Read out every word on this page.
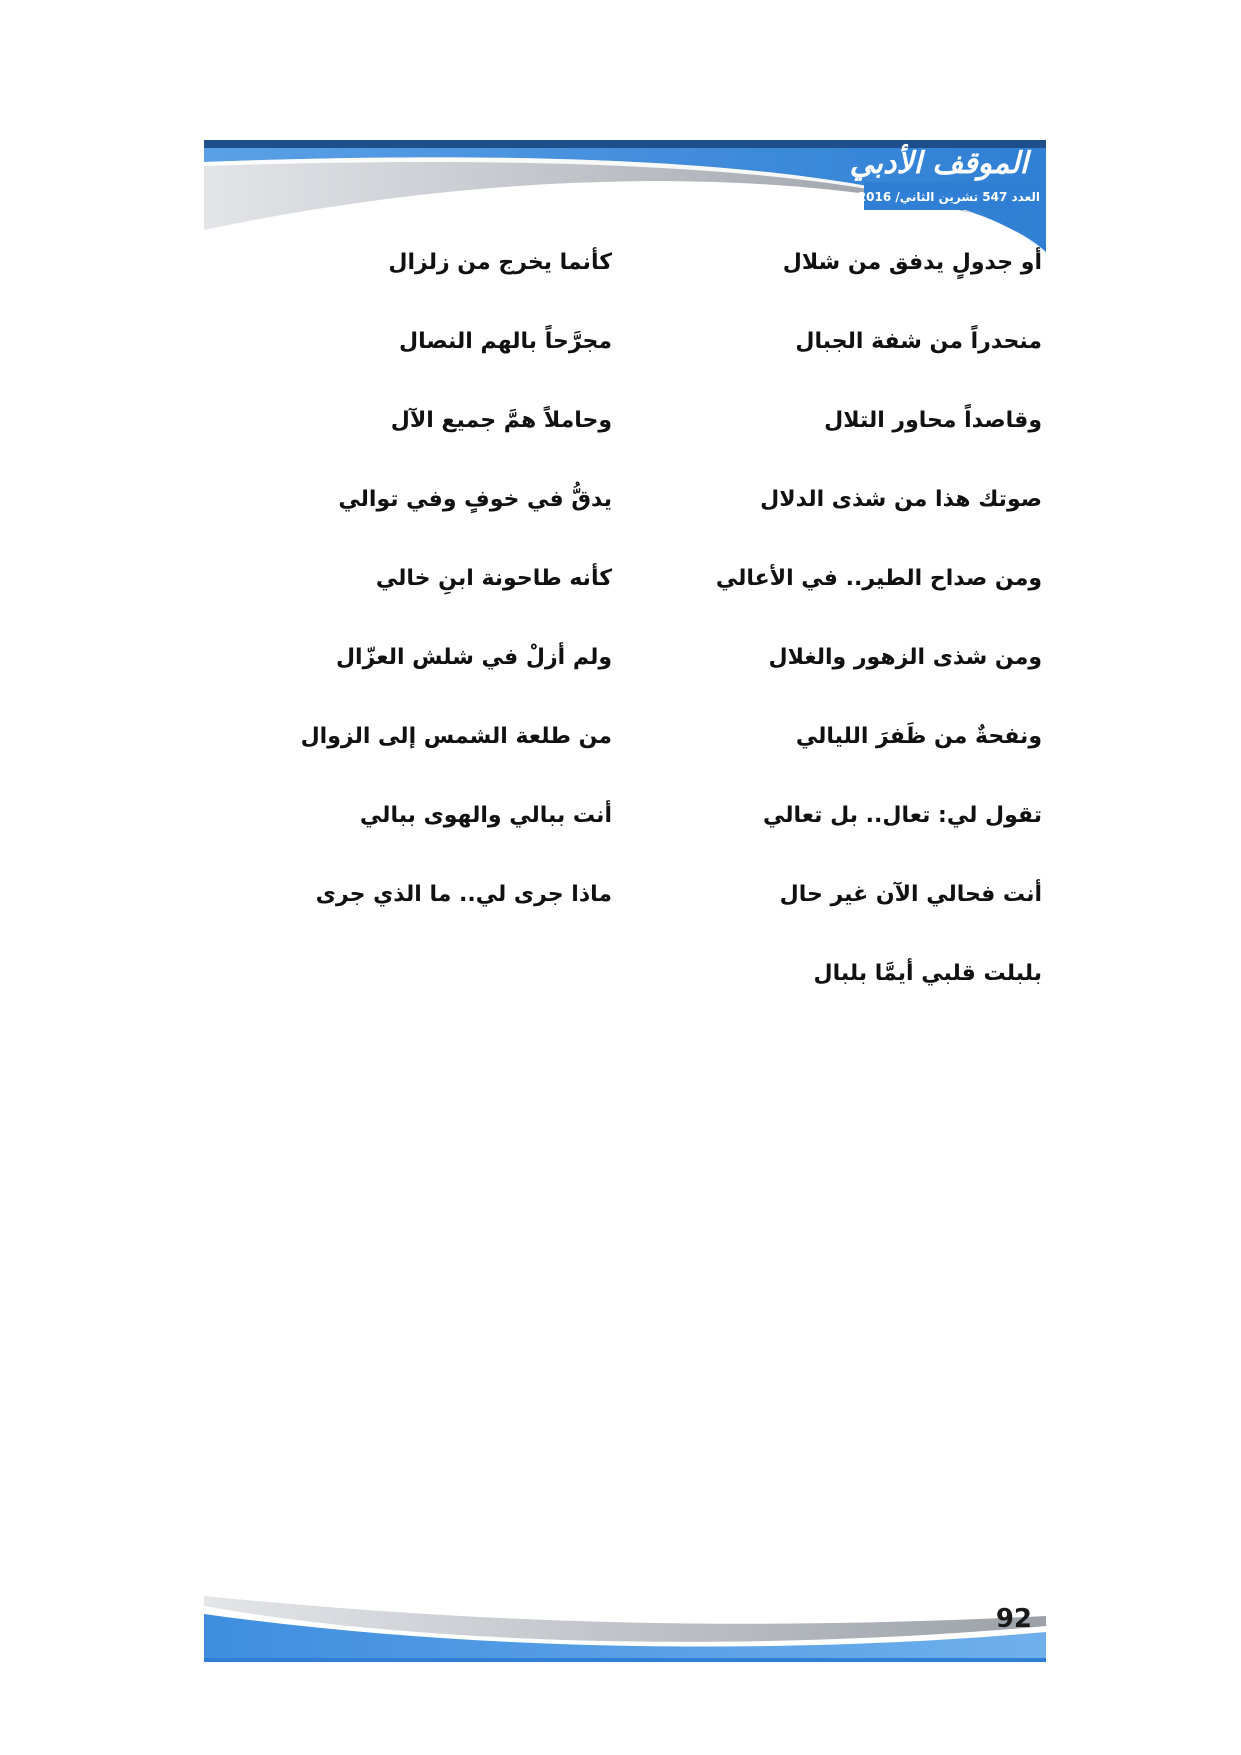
الموقف الأدبي
العدد 547 تشرين الثاني/ 2016
أو جدولٍ يدفق من شلال
كأنما يخرج من زلزال
منحدراً من شفة الجبال
مجرَّحاً بالهم النصال
وقاصداً محاور التلال
وحاملاً همَّ جميع الآل
صوتك هذا من شذى الدلال
يدقُّ في خوفٍ وفي توالي
ومن صداح الطير.. في الأعالي
كأنه طاحونة ابنِ خالي
ومن شذى الزهور والغلال
ولم أزلْ في شلش العزّال
ونفحةٌ من ظَفرَ الليالي
من طلعة الشمس إلى الزوال
تقول لي: تعال.. بل تعالي
أنت ببالي والهوى ببالي
أنت فحالي الآن غير حال
ماذا جرى لي.. ما الذي جرى
بلبلت قلبي أيمَّا بلبال
92
